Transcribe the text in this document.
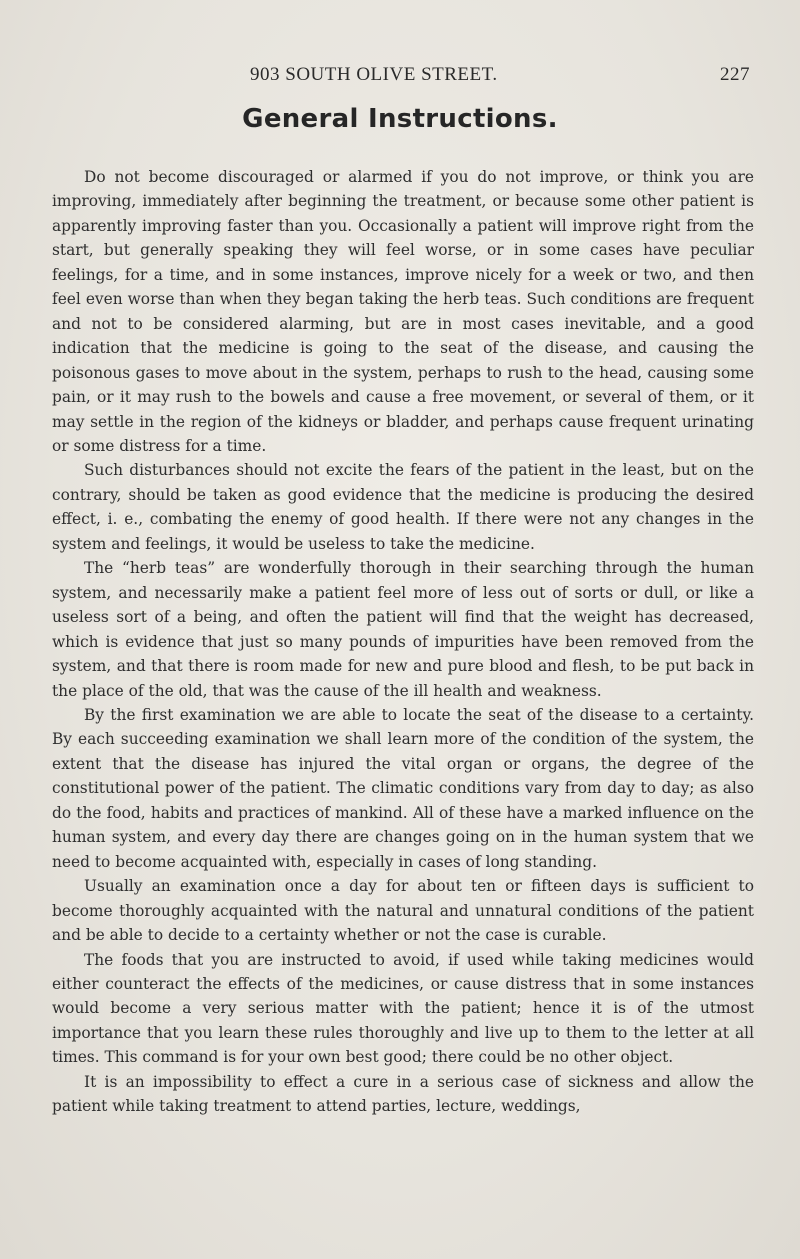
903 SOUTH OLIVE STREET.	227
General Instructions.

Do not become discouraged or alarmed if you do not improve, or think you are improving, immediately after beginning the treatment, or because some other patient is apparently improving faster than you. Occasionally a patient will improve right from the start, but generally speaking they will feel worse, or in some cases have peculiar feelings, for a time, and in some instances, improve nicely for a week or two, and then feel even worse than when they began taking the herb teas. Such conditions are frequent and not to be considered alarming, but are in most cases inevitable, and a good indication that the medicine is going to the seat of the disease, and causing the poisonous gases to move about in the system, perhaps to rush to the head, causing some pain, or it may rush to the bowels and cause a free movement, or several of them, or it may settle in the region of the kidneys or bladder, and perhaps cause frequent urinating or some distress for a time.

Such disturbances should not excite the fears of the patient in the least, but on the contrary, should be taken as good evidence that the medicine is producing the desired effect, i. e., combating the enemy of good health. If there were not any changes in the system and feelings, it would be useless to take the medicine.

The “herb teas” are wonderfully thorough in their searching through the human system, and necessarily make a patient feel more of less out of sorts or dull, or like a useless sort of a being, and often the patient will find that the weight has decreased, which is evidence that just so many pounds of impurities have been removed from the system, and that there is room made for new and pure blood and flesh, to be put back in the place of the old, that was the cause of the ill health and weakness.

By the first examination we are able to locate the seat of the disease to a certainty. By each succeeding examination we shall learn more of the condition of the system, the extent that the disease has injured the vital organ or organs, the degree of the constitutional power of the patient. The climatic conditions vary from day to day; as also do the food, habits and practices of mankind. All of these have a marked influence on the human system, and every day there are changes going on in the human system that we need to become acquainted with, especially in cases of long standing.

Usually an examination once a day for about ten or fifteen days is sufficient to become thoroughly acquainted with the natural and unnatural conditions of the patient and be able to decide to a certainty whether or not the case is curable.

The foods that you are instructed to avoid, if used while taking medicines would either counteract the effects of the medicines, or cause distress that in some instances would become a very serious matter with the patient; hence it is of the utmost importance that you learn these rules thoroughly and live up to them to the letter at all times. This command is for your own best good; there could be no other object.

It is an impossibility to effect a cure in a serious case of sickness and allow the patient while taking treatment to attend parties, lecture, weddings,
